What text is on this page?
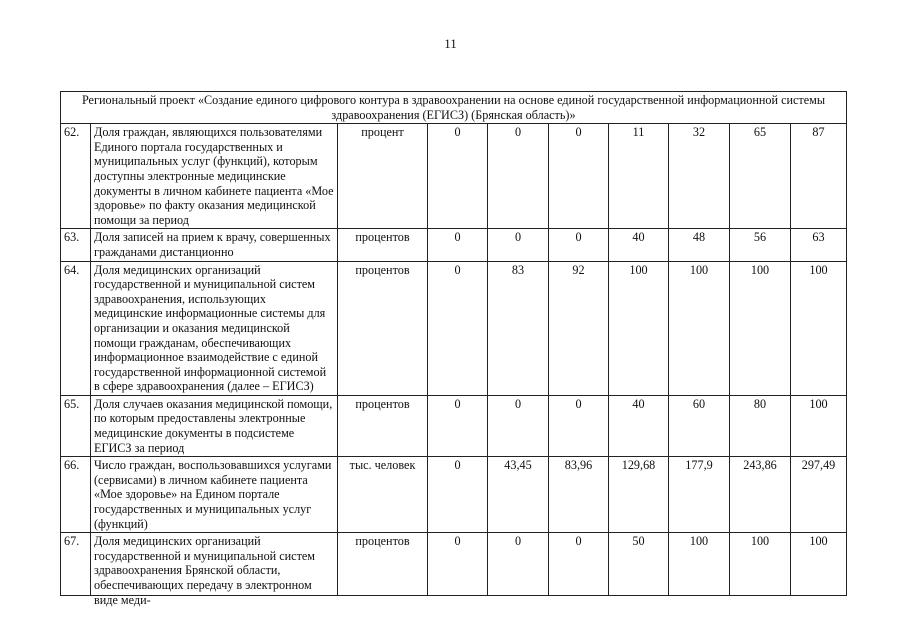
11
Региональный проект «Создание единого цифрового контура в здравоохранении на основе единой государственной информационной системы здравоохранения (ЕГИСЗ) (Брянская область)»									
62.	Доля граждан, являющихся пользователями Единого портала государственных и муниципальных услуг (функций), которым доступны электронные медицинские документы в личном кабинете пациента «Мое здоровье» по факту оказания медицинской помощи за период	процент	0	0	0	11	32	65	87
63.	Доля записей на прием к врачу, совершенных гражданами дистанционно	процентов	0	0	0	40	48	56	63
64.	Доля медицинских организаций государственной и муниципальной систем здравоохранения, использующих медицинские информационные системы для организации и оказания медицинской помощи гражданам, обеспечивающих информационное взаимодействие с единой государственной информационной системой в сфере здравоохранения (далее – ЕГИСЗ)	процентов	0	83	92	100	100	100	100
65.	Доля случаев оказания медицинской помощи, по которым предоставлены электронные медицинские документы в подсистеме ЕГИСЗ за период	процентов	0	0	0	40	60	80	100
66.	Число граждан, воспользовавшихся услугами (сервисами) в личном кабинете пациента «Мое здоровье» на Едином портале государственных и муниципальных услуг (функций)	тыс. человек	0	43,45	83,96	129,68	177,9	243,86	297,49
67.	Доля медицинских организаций государственной и муниципальной систем здравоохранения Брянской области, обеспечивающих передачу в электронном виде меди-	процентов	0	0	0	50	100	100	100
